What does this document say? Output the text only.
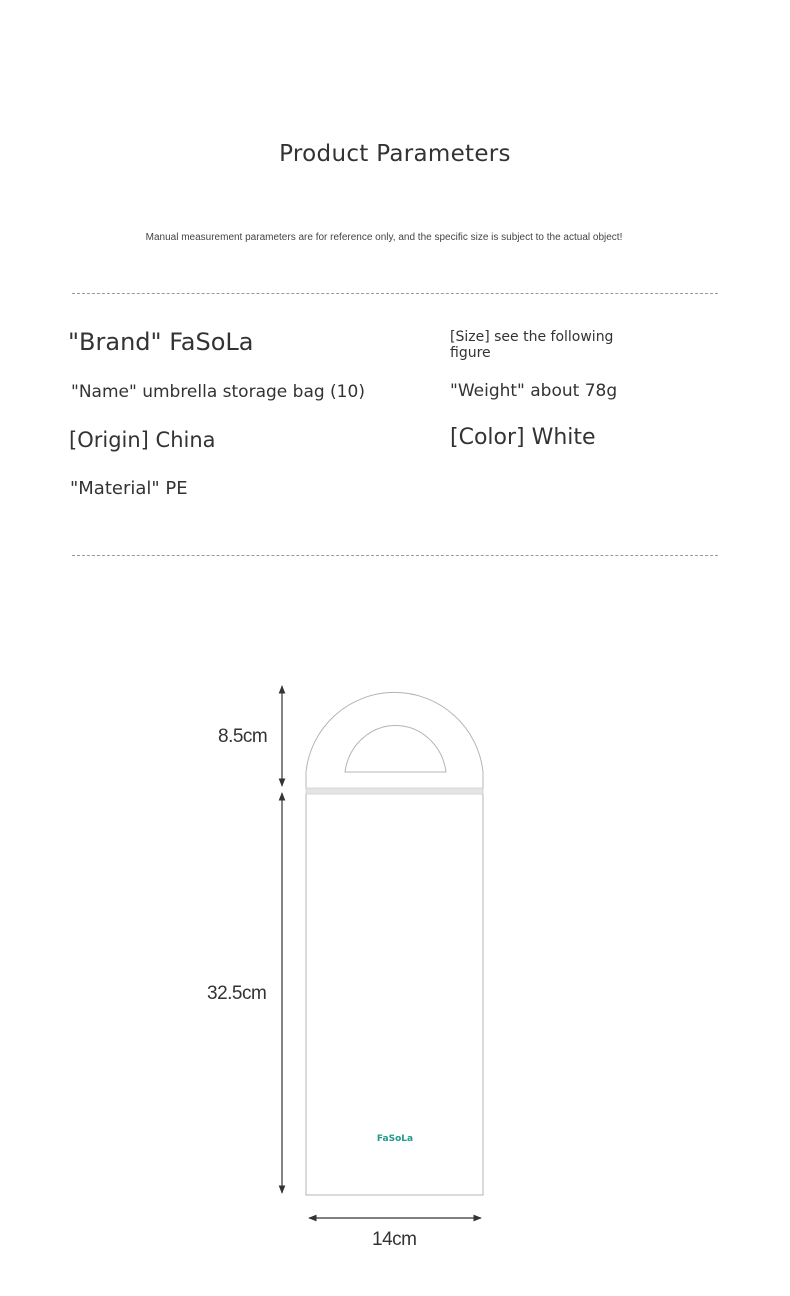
Product Parameters
Manual measurement parameters are for reference only, and the specific size is subject to the actual object!
"Brand" FaSoLa
"Name" umbrella storage bag (10)
[Origin] China
"Material" PE
[Size] see the following figure
"Weight" about 78g
[Color] White
FaSoLa
8.5cm
32.5cm
14cm
